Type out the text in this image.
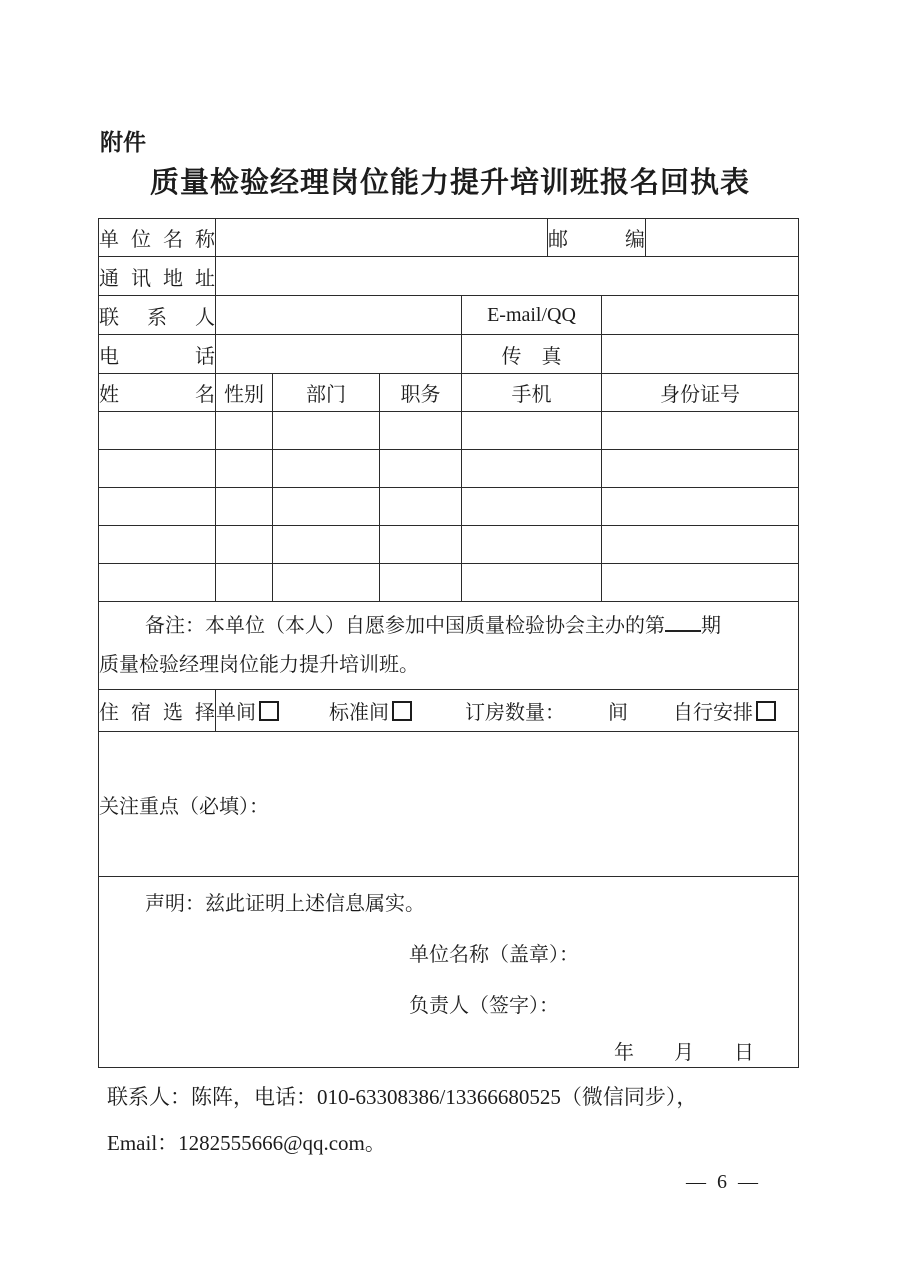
附件
质量检验经理岗位能力提升培训班报名回执表
单位名称					邮编		
通讯地址							
联系人				E-mail/QQ			
电话				传　真			
姓名	性别	部门	职务	手机		身份证号	

备注：本单位（本人）自愿参加中国质量检验协会主办的第 期
质量检验经理岗位能力提升培训班。							

住宿选择	单间 标准间 订房数量： 间 自行安排						

关注重点（必填）：							

声明：兹此证明上述信息属实。
单位名称（盖章）：
负责人（签字）：
年　　月　　日							
联系人：陈阵，电话：010-63308386/13366680525（微信同步），
Email：1282555666@qq.com。
— 6 —
